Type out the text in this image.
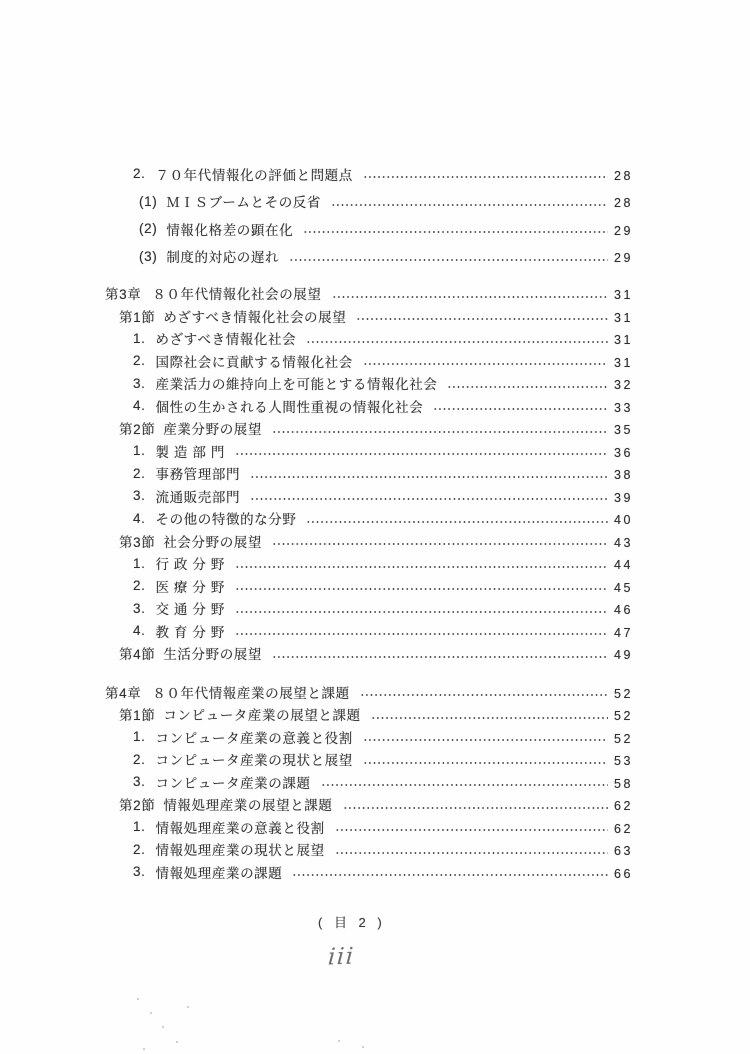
2. ７０年代情報化の評価と問題点	28
(1) ＭＩＳブームとその反省	28
(2) 情報化格差の顕在化	29
(3) 制度的対応の遅れ	29
第3章 ８０年代情報化社会の展望	31
第1節 めざすべき情報化社会の展望	31
1. めざすべき情報化社会	31
2. 国際社会に貢献する情報化社会	31
3. 産業活力の維持向上を可能とする情報化社会	32
4. 個性の生かされる人間性重視の情報化社会	33
第2節 産業分野の展望	35
1. 製 造 部 門	36
2. 事務管理部門	38
3. 流通販売部門	39
4. その他の特徴的な分野	40
第3節 社会分野の展望	43
1. 行 政 分 野	44
2. 医 療 分 野	45
3. 交 通 分 野	46
4. 教 育 分 野	47
第4節 生活分野の展望	49
第4章 ８０年代情報産業の展望と課題	52
第1節 コンピュータ産業の展望と課題	52
1. コンピュータ産業の意義と役割	52
2. コンピュータ産業の現状と展望	53
3. コンピュータ産業の課題	58
第2節 情報処理産業の展望と課題	62
1. 情報処理産業の意義と役割	62
2. 情報処理産業の現状と展望	63
3. 情報処理産業の課題	66
( 目 2 )
iii
